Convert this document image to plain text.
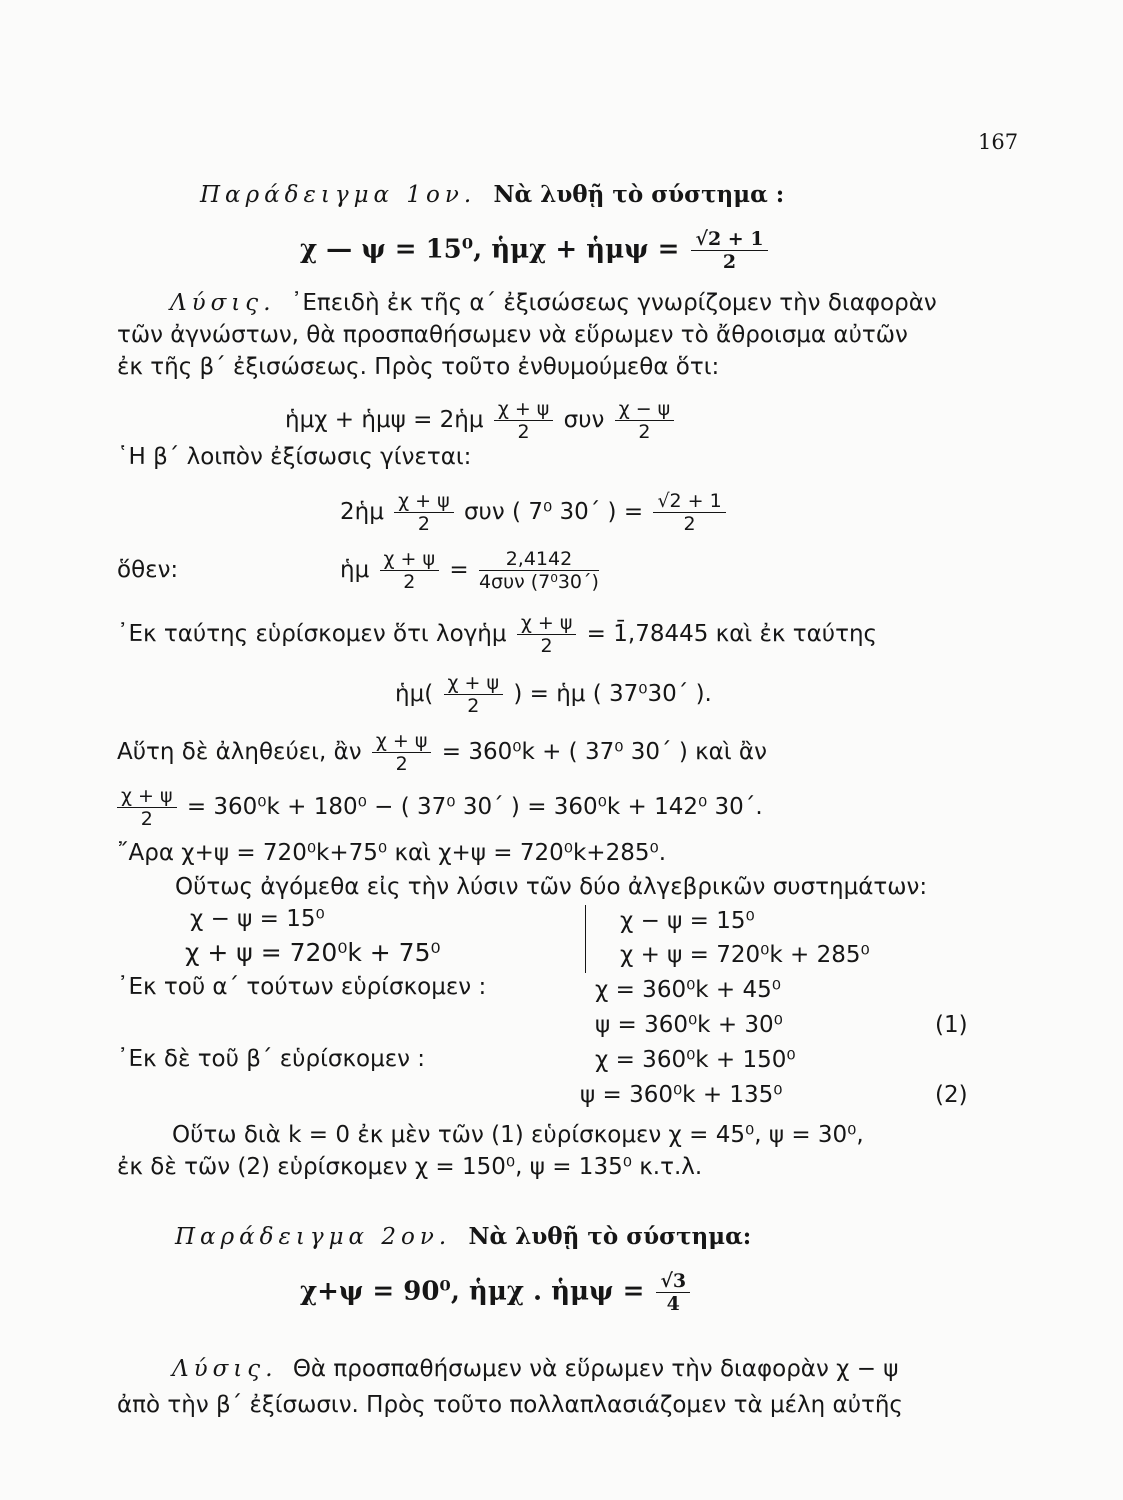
167
Παράδειγμα 1ον. Νὰ λυθῇ τὸ σύστημα :
χ — ψ = 15⁰, ἡμχ + ἡμψ = $\frac{√2 + 1}{2}$
Λύσις. ᾿Επειδὴ ἐκ τῆς α΄ ἐξισώσεως γνωρίζομεν τὴν διαφορὰν
τῶν ἀγνώστων, θὰ προσπαθήσωμεν νὰ εὕρωμεν τὸ ἄθροισμα αὐτῶν
ἐκ τῆς β΄ ἐξισώσεως. Πρὸς τοῦτο ἐνθυμούμεθα ὅτι:
ἡμχ + ἡμψ = 2ἡμ $\frac{\chi + \psi}{2}$ συν $\frac{\chi - \psi}{2}$
῾Η β΄ λοιπὸν ἐξίσωσις γίνεται:
2ἡμ $\frac{\chi + \psi}{2}$ συν ( 7⁰ 30΄ ) = $\frac{√2 + 1}{2}$
ὅθεν:	ἡμ $\frac{\chi + \psi}{2} = \frac{2,4142}{\text{4συν (7⁰30΄)}}$
᾿Εκ ταύτης εὑρίσκομεν ὅτι λογἡμ $\frac{\chi + \psi}{2}$ = 1̄,78445 καὶ ἐκ ταύτης
ἡμ( $\frac{\chi + \psi}{2}$ ) = ἡμ ( 37⁰30΄ ).
Αὕτη δὲ ἀληθεύει, ἂν $\frac{\chi + \psi}{2} = 360^0k$ + ( 37⁰ 30΄ ) καὶ ἂν
$\frac{\chi + \psi}{2} = 360^0k + 180^0$ − ( 37⁰ 30΄ ) = 360⁰k + 142⁰ 30΄.
῎Αρα χ+ψ = 720⁰k+75⁰ καὶ χ+ψ = 720⁰k+285⁰.
Οὕτως ἀγόμεθα εἰς τὴν λύσιν τῶν δύο ἀλγεβρικῶν συστημάτων:
χ − ψ = 15⁰
χ + ψ = 720⁰k + 75⁰
χ − ψ = 15⁰
χ + ψ = 720⁰k + 285⁰
᾿Εκ τοῦ α΄ τούτων εὑρίσκομεν :	χ = 360⁰k + 45⁰
ψ = 360⁰k + 30⁰	(1)
᾿Εκ δὲ τοῦ β΄ εὑρίσκομεν :	χ = 360⁰k + 150⁰
ψ = 360⁰k + 135⁰	(2)
Οὕτω διὰ k = 0 ἐκ μὲν τῶν (1) εὑρίσκομεν χ = 45⁰, ψ = 30⁰,
ἐκ δὲ τῶν (2) εὑρίσκομεν χ = 150⁰, ψ = 135⁰ κ.τ.λ.
Παράδειγμα 2ον. Νὰ λυθῇ τὸ σύστημα:
χ+ψ = 90⁰, ἡμχ . ἡμψ = $\frac{√3}{4}$
Λύσις. Θὰ προσπαθήσωμεν νὰ εὕρωμεν τὴν διαφορὰν χ − ψ
ἀπὸ τὴν β΄ ἐξίσωσιν. Πρὸς τοῦτο πολλαπλασιάζομεν τὰ μέλη αὐτῆς
